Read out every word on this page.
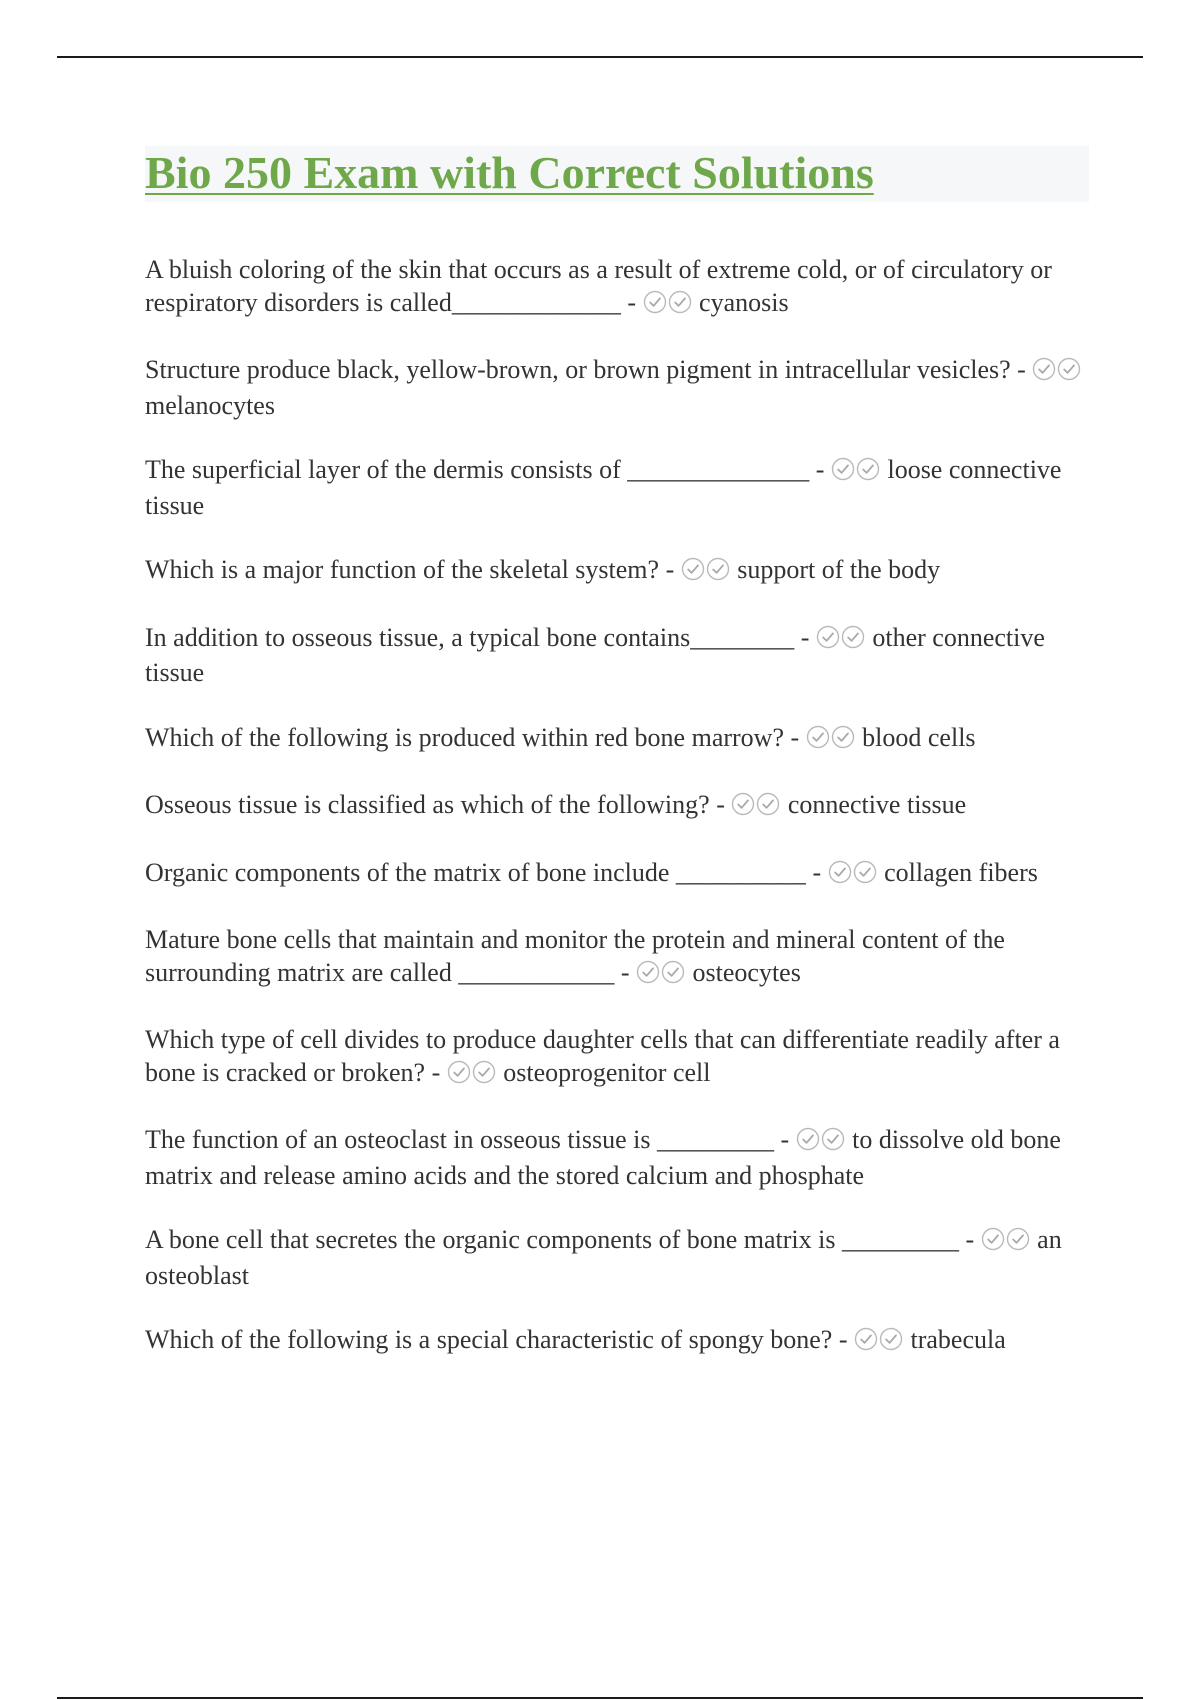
Bio 250 Exam with Correct Solutions

A bluish coloring of the skin that occurs as a result of extreme cold, or of circulatory or respiratory disorders is called_____________ - cyanosis

Structure produce black, yellow-brown, or brown pigment in intracellular vesicles? -
melanocytes

The superficial layer of the dermis consists of ______________ - loose connective tissue

Which is a major function of the skeletal system? - support of the body

In addition to osseous tissue, a typical bone contains________ - other connective tissue

Which of the following is produced within red bone marrow? - blood cells

Osseous tissue is classified as which of the following? - connective tissue

Organic components of the matrix of bone include __________ - collagen fibers

Mature bone cells that maintain and monitor the protein and mineral content of the surrounding matrix are called ____________ - osteocytes

Which type of cell divides to produce daughter cells that can differentiate readily after a bone is cracked or broken? - osteoprogenitor cell

The function of an osteoclast in osseous tissue is _________ - to dissolve old bone matrix and release amino acids and the stored calcium and phosphate

A bone cell that secretes the organic components of bone matrix is _________ - an osteoblast

Which of the following is a special characteristic of spongy bone? - trabecula
